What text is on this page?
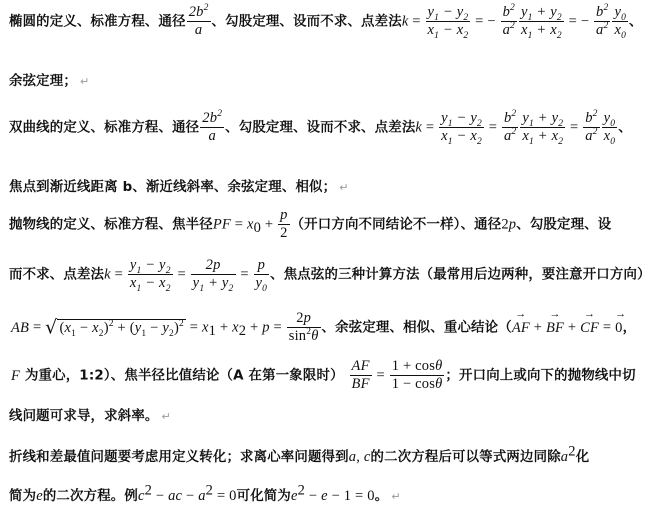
椭圆的定义、标准方程、通径 $\frac{2b^2}{a}$ 、勾股定理、设而不求、点差法$k = \frac{y_1 - y_2}{x_1 - x_2}$ = − $\frac{b^2}{a^2} \frac{y_1 + y_2}{x_1 + x_2}$ = − $\frac{b^2}{a^2} \frac{y_0}{x_0}$ 、
余弦定理； ↵
双曲线的定义、标准方程、通径 $\frac{2b^2}{a}$ 、勾股定理、设而不求、点差法$k = \frac{y_1 - y_2}{x_1 - x_2} = \frac{b^2}{a^2} \frac{y_1 + y_2}{x_1 + x_2} = \frac{b^2}{a^2} \frac{y_0}{x_0}$ 、
焦点到渐近线距离 b、渐近线斜率、余弦定理、相似； ↵
抛物线的定义、标准方程、焦半径PF = $x_0 + \frac{p}{2}$ （开口方向不同结论不一样）、通径2p、勾股定理、设
而不求、点差法$k = \frac{y_1 - y_2}{x_1 - x_2} = \frac{2p}{y_1 + y_2} = \frac{p}{y_0}$ 、焦点弦的三种计算方法（最常用后边两种，要注意开口方向）
AB = √ $(x_1 - x_2)^2 + (y_1 - y_2)^2 = x_1 + x_2 + p = \frac{2p}{\sin^2\theta}$ 、余弦定理、相似、重心结论（→ AF + → BF + → CF = → 0，
F 为重心，1:2）、焦半径比值结论（A 在第一象限时） $\frac{AF}{BF} = \frac{1 + \cos\theta}{1 - \cos\theta}$ ；开口向上或向下的抛物线中切
线问题可求导，求斜率。 ↵
折线和差最值问题要考虑用定义转化；求离心率问题得到a, c的二次方程后可以等式两边同除$a^2$化
简为e的二次方程。例$c^2$ − ac − $a^2 = 0$可化简为$e^2 - e - 1 = 0$。 ↵
